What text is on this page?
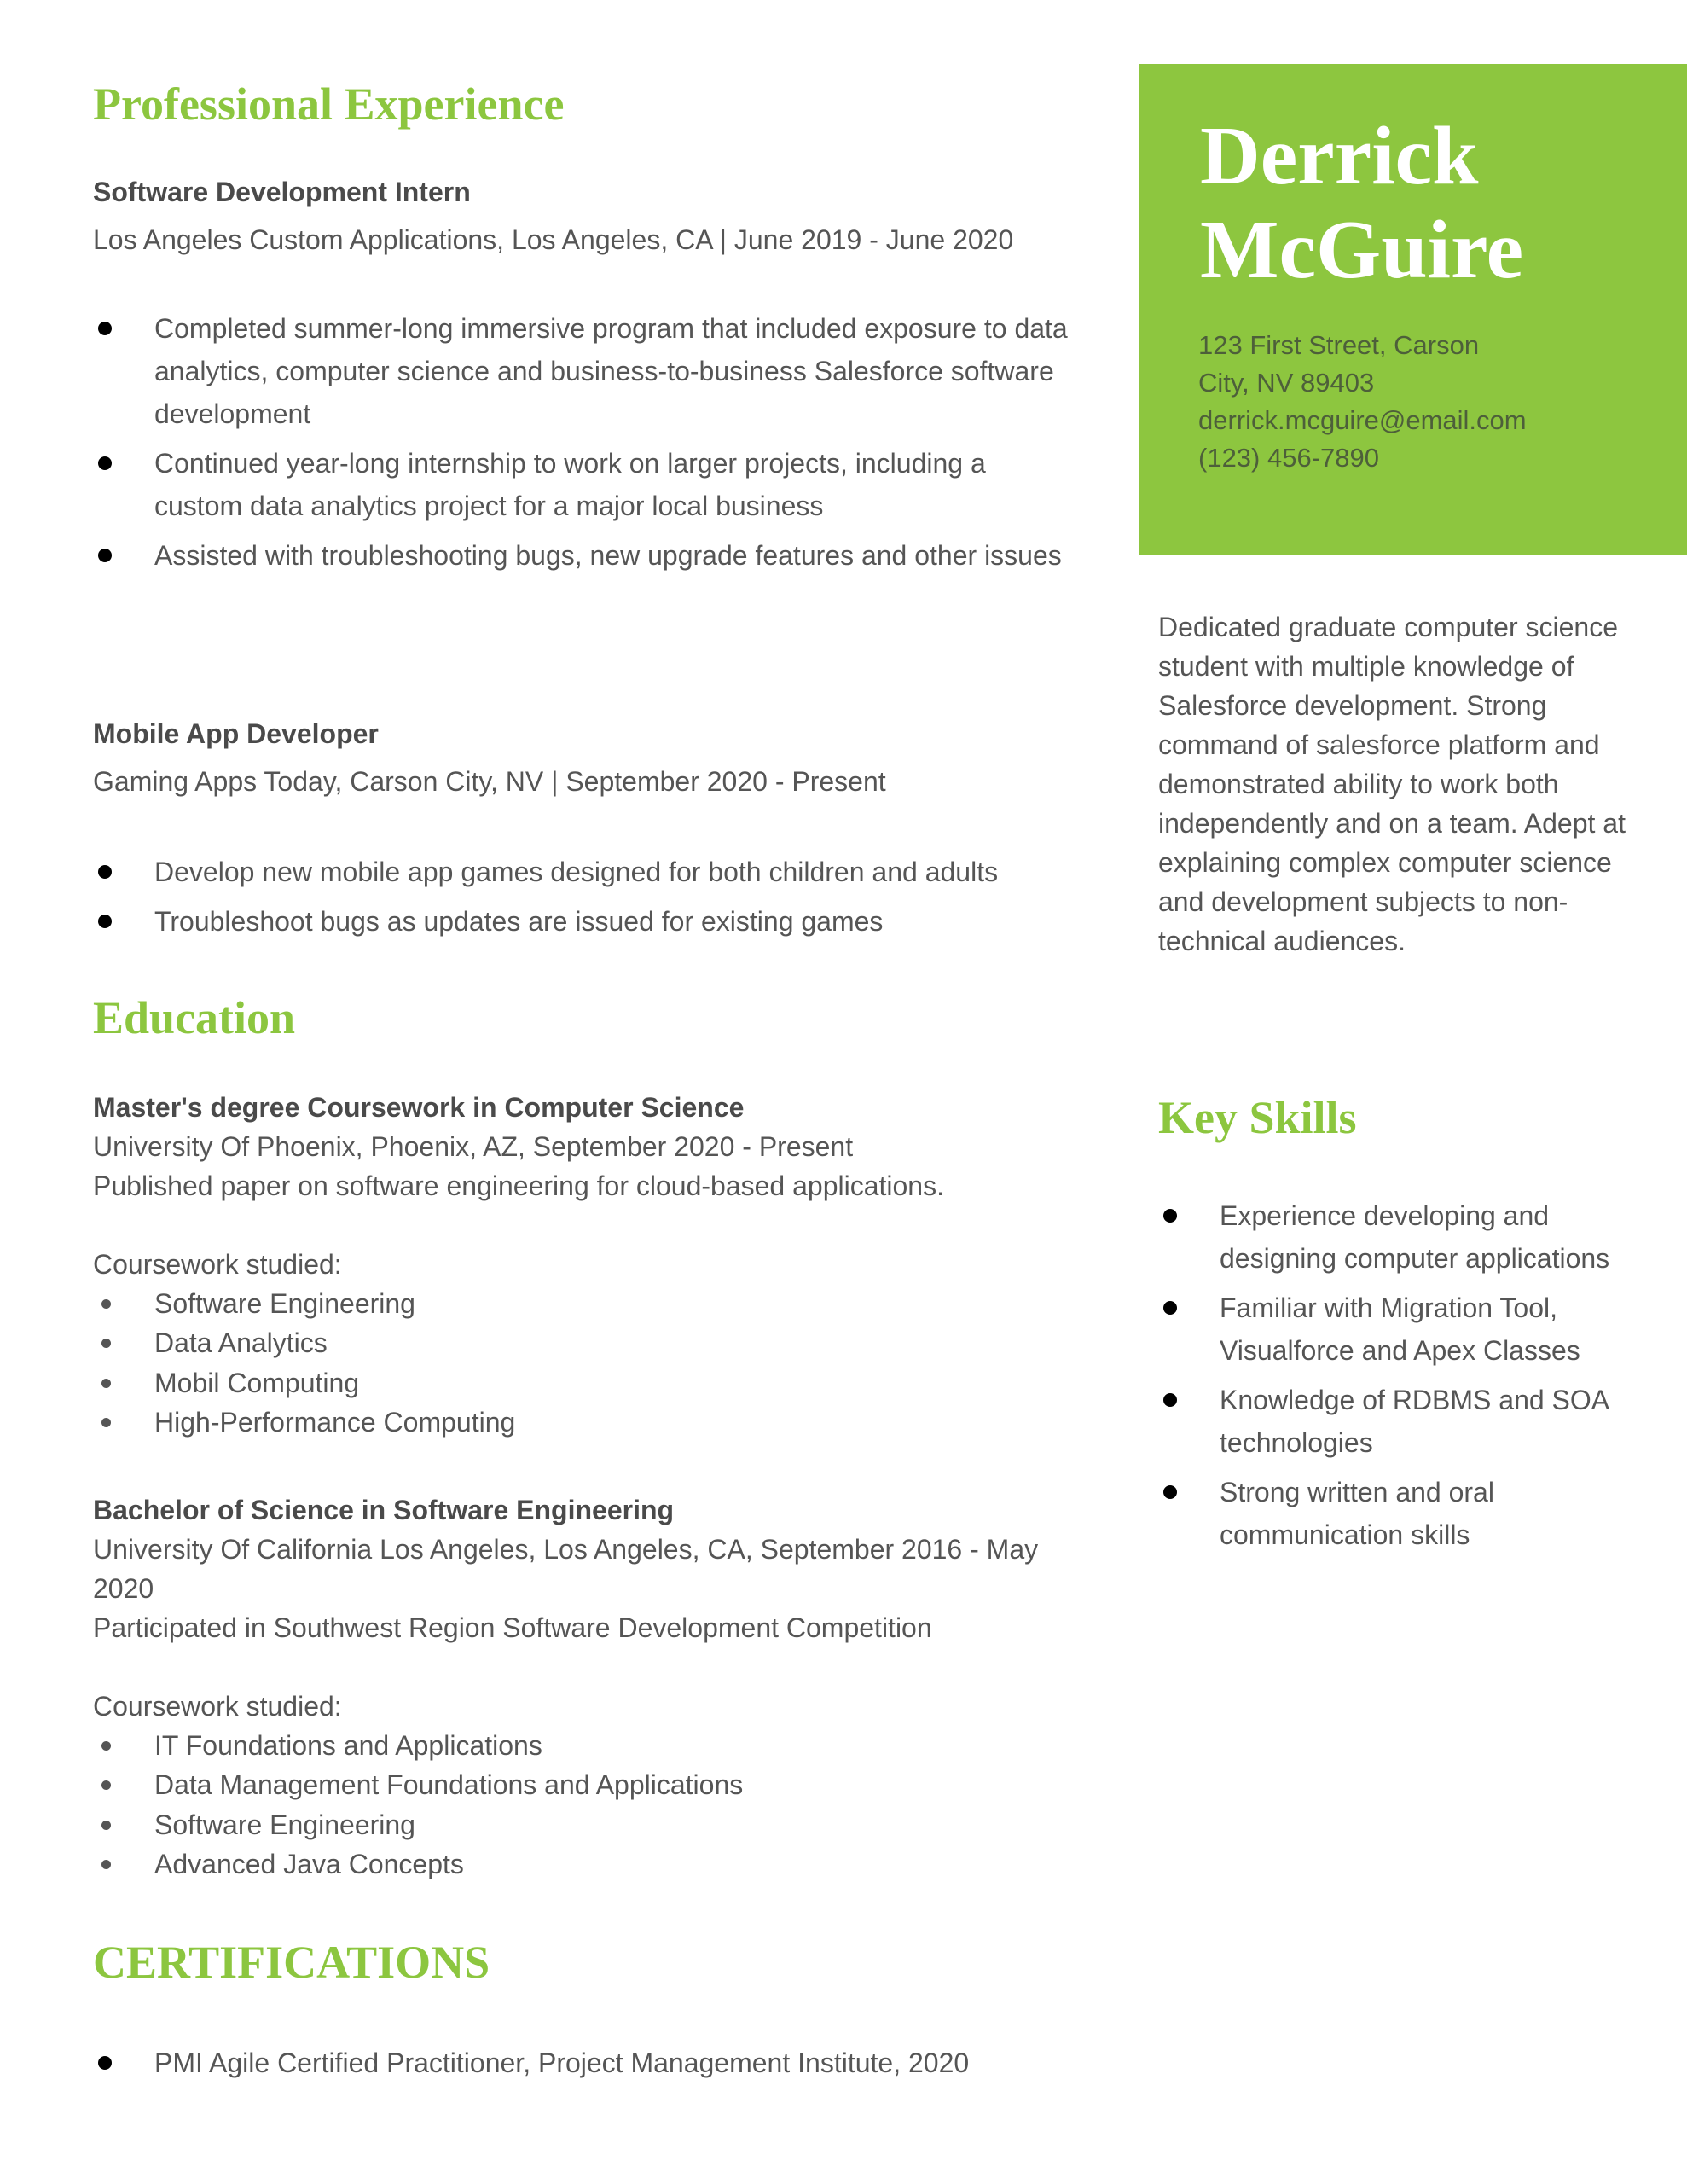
Derrick
McGuire
123 First Street, Carson
City, NV 89403
derrick.mcguire@email.com
(123) 456-7890
Dedicated graduate computer science student with multiple knowledge of Salesforce development. Strong command of salesforce platform and demonstrated ability to work both independently and on a team. Adept at explaining complex computer science and development subjects to non-technical audiences.
Key Skills
Experience developing and designing computer applications
Familiar with Migration Tool, Visualforce and Apex Classes
Knowledge of RDBMS and SOA technologies
Strong written and oral communication skills
Professional Experience
Software Development Intern
Los Angeles Custom Applications, Los Angeles, CA | June 2019 - June 2020
Completed summer-long immersive program that included exposure to data analytics, computer science and business-to-business Salesforce software development
Continued year-long internship to work on larger projects, including a custom data analytics project for a major local business
Assisted with troubleshooting bugs, new upgrade features and other issues
Mobile App Developer
Gaming Apps Today, Carson City, NV | September 2020 - Present
Develop new mobile app games designed for both children and adults
Troubleshoot bugs as updates are issued for existing games
Education
Master's degree Coursework in Computer Science
University Of Phoenix, Phoenix, AZ, September 2020 - Present
Published paper on software engineering for cloud-based applications.
Coursework studied:
Software Engineering
Data Analytics
Mobil Computing
High-Performance Computing
Bachelor of Science in Software Engineering
University Of California Los Angeles, Los Angeles, CA, September 2016 - May 2020
Participated in Southwest Region Software Development Competition
Coursework studied:
IT Foundations and Applications
Data Management Foundations and Applications
Software Engineering
Advanced Java Concepts
CERTIFICATIONS
PMI Agile Certified Practitioner, Project Management Institute, 2020
